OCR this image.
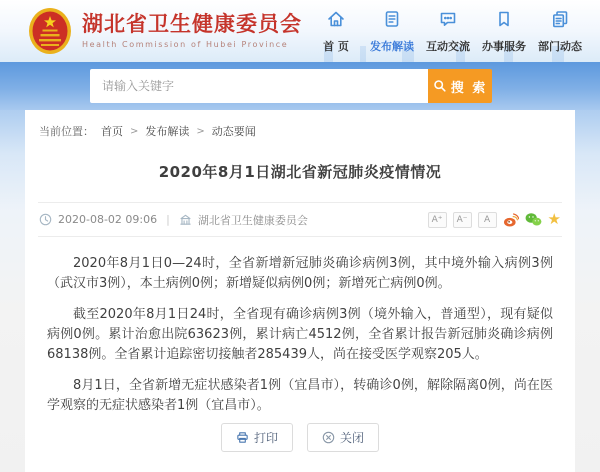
湖北省卫生健康委员会
Health Commission of Hubei Province	首 页	发布解读	互动交流	办事服务	部门动态
请输入关键字
搜 索
当前位置： 首页 > 发布解读 > 动态要闻
2020年8月1日湖北省新冠肺炎疫情情况
2020-08-02 09:06 |	湖北省卫生健康委员会	A⁺	A⁻	A	★

2020年8月1日0—24时，全省新增新冠肺炎确诊病例3例，其中境外输入病例3例（武汉市3例），本土病例0例；新增疑似病例0例；新增死亡病例0例。

截至2020年8月1日24时，全省现有确诊病例3例（境外输入，普通型），现有疑似病例0例。累计治愈出院63623例，累计病亡4512例，全省累计报告新冠肺炎确诊病例68138例。全省累计追踪密切接触者285439人，尚在接受医学观察205人。

8月1日，全省新增无症状感染者1例（宜昌市），转确诊0例，解除隔离0例，尚在医学观察的无症状感染者1例（宜昌市）。

打印	关闭
